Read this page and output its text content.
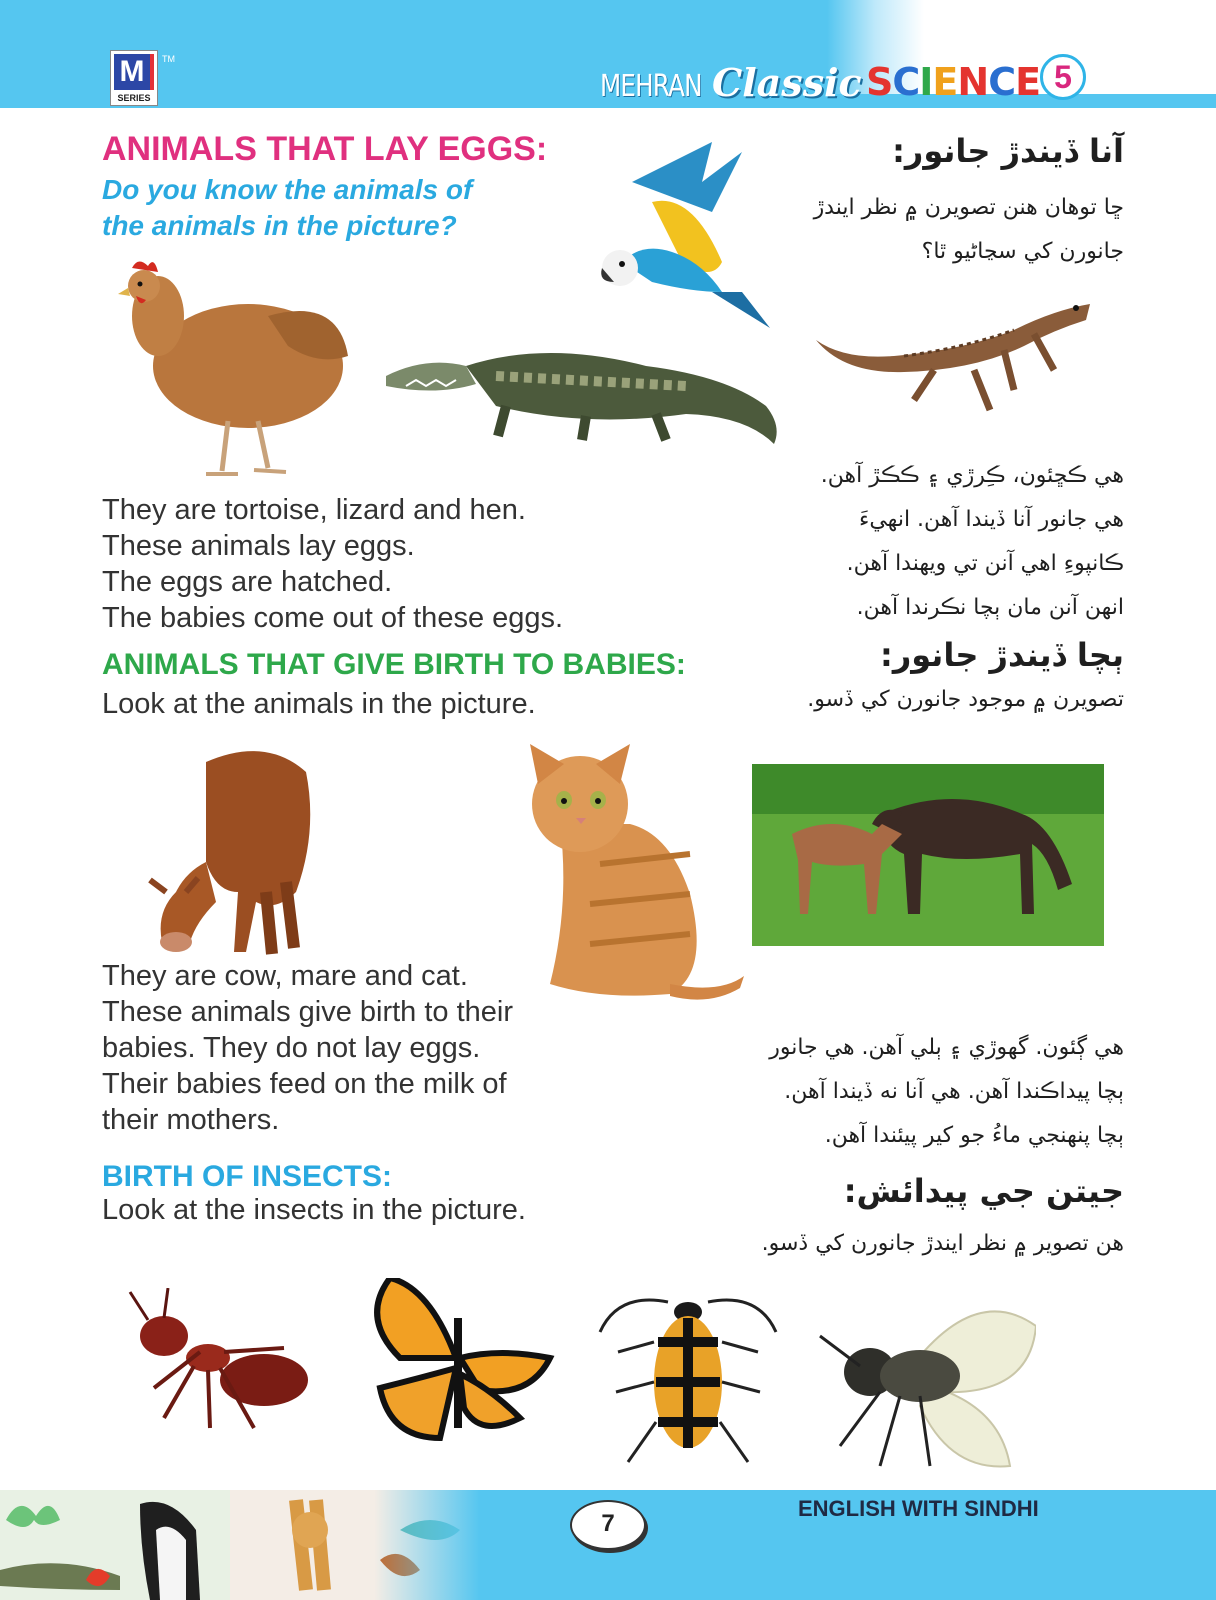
M
SERIES
TM
MEHRAN Classic SCIENCE 5
ANIMALS THAT LAY EGGS:
Do you know the animals of
the animals in the picture?
آنا ڏيندڙ جانور:
ڇا توهان هنن تصويرن ۾ نظر ايندڙ
جانورن کي سڃاڻيو ٿا؟
They are tortoise, lizard and hen.
These animals lay eggs.
The eggs are hatched.
The babies come out of these eggs.
هي ڪڇئون، ڪِرڙي ۽ ڪڪڙ آهن.
هي جانور آنا ڏيندا آهن. انهيءَ
ڪانپوءِ اهي آنن تي ويهندا آهن.
انهن آنن مان ٻچا نڪرندا آهن.
ANIMALS THAT GIVE BIRTH TO BABIES:
Look at the animals in the picture.
ٻچا ڏيندڙ جانور:
تصويرن ۾ موجود جانورن کي ڏسو.
They are cow, mare and cat.
These animals give birth to their
babies. They do not lay eggs.
Their babies feed on the milk of
their mothers.
هي ڳئون. گهوڙي ۽ ٻلي آهن. هي جانور
ٻچا پيداڪندا آهن. هي آنا نه ڏيندا آهن.
ٻچا پنهنجي ماءُ جو کير پيئندا آهن.
BIRTH OF INSECTS:
Look at the insects in the picture.	جيتن جي پيدائش:
هن تصوير ۾ نظر ايندڙ جانورن کي ڏسو.
7
ENGLISH WITH SINDHI
